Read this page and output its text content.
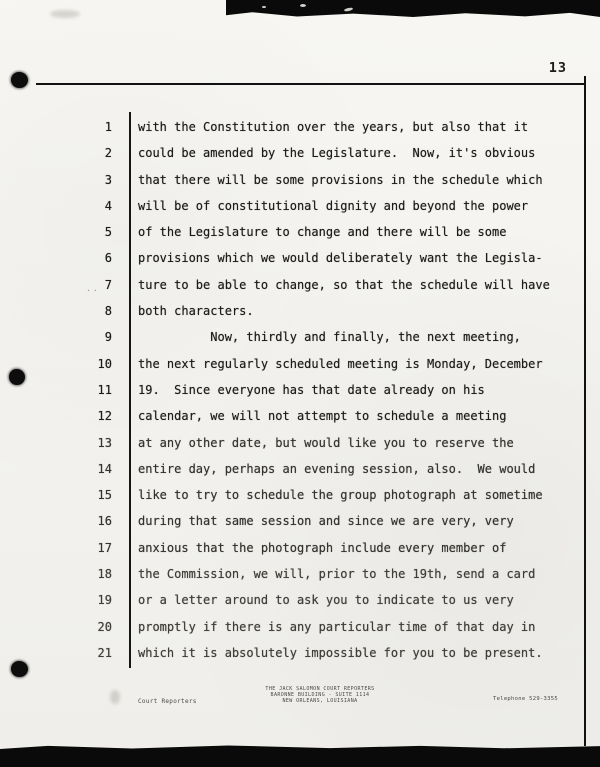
··
13
1 with the Constitution over the years, but also that it
2 could be amended by the Legislature.  Now, it's obvious
3 that there will be some provisions in the schedule which
4 will be of constitutional dignity and beyond the power
5 of the Legislature to change and there will be some
6 provisions which we would deliberately want the Legisla-
7 ture to be able to change, so that the schedule will have
8 both characters.
9 Now, thirdly and finally, the next meeting,
10 the next regularly scheduled meeting is Monday, December
11 19.  Since everyone has that date already on his
12 calendar, we will not attempt to schedule a meeting
13 at any other date, but would like you to reserve the
14 entire day, perhaps an evening session, also.  We would
15 like to try to schedule the group photograph at sometime
16 during that same session and since we are very, very
17 anxious that the photograph include every member of
18 the Commission, we will, prior to the 19th, send a card
19 or a letter around to ask you to indicate to us very
20 promptly if there is any particular time of that day in
21 which it is absolutely impossible for you to be present.
Court Reporters
THE JACK SALOMON COURT REPORTERS
BARONNE BUILDING - SUITE 1114
NEW ORLEANS, LOUISIANA	Telephone 529-3355
